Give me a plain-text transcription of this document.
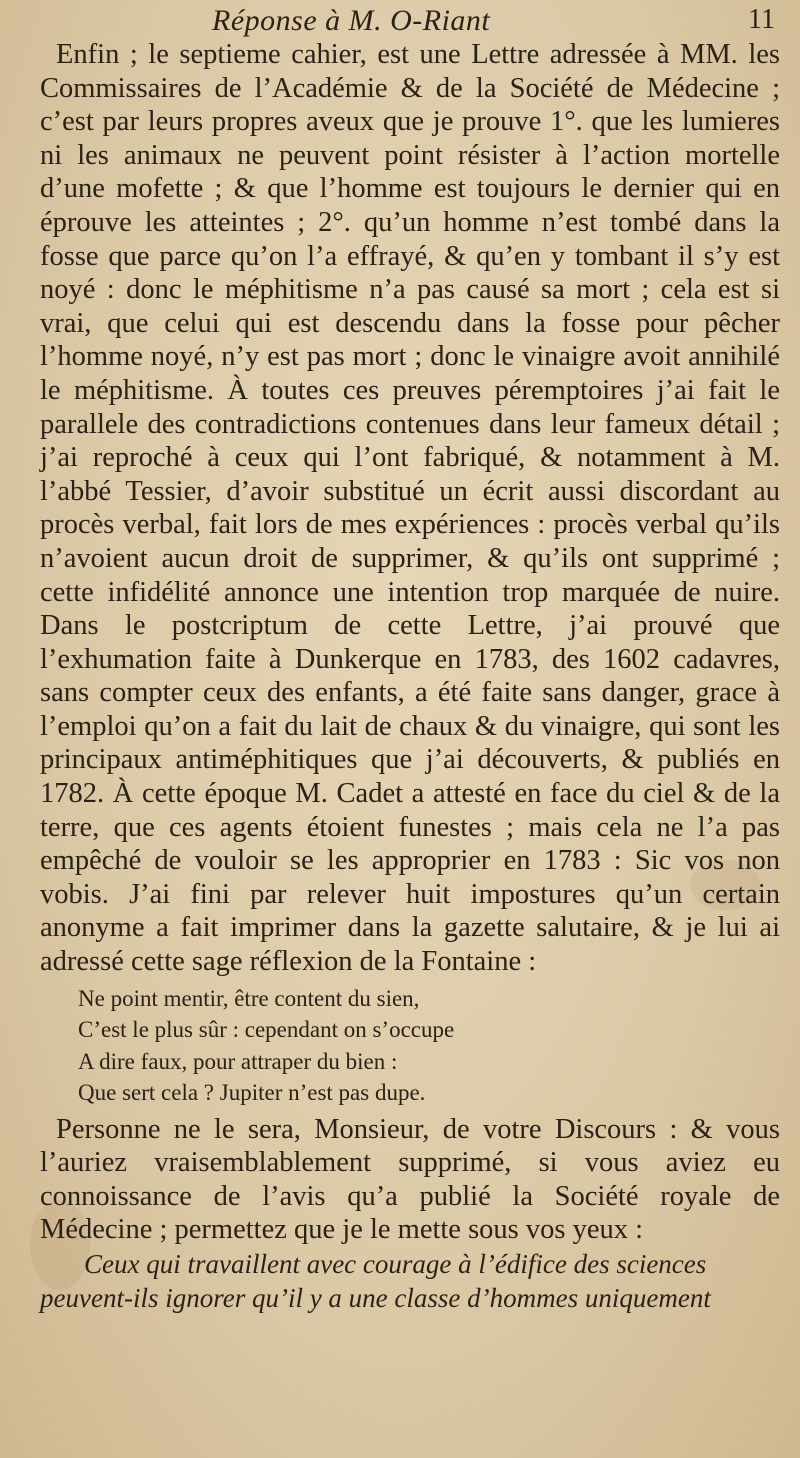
Réponse à M. O-Riant	11

Enfin ; le septieme cahier, est une Lettre adressée à MM. les Commissaires de l’Académie & de la Société de Médecine ; c’est par leurs propres aveux que je prouve 1°. que les lumieres ni les animaux ne peuvent point résister à l’action mortelle d’une mofette ; & que l’homme est toujours le dernier qui en éprouve les atteintes ; 2°. qu’un homme n’est tombé dans la fosse que parce qu’on l’a effrayé, & qu’en y tombant il s’y est noyé : donc le méphitisme n’a pas causé sa mort ; cela est si vrai, que celui qui est descendu dans la fosse pour pêcher l’homme noyé, n’y est pas mort ; donc le vinaigre avoit annihilé le méphitisme. À toutes ces preuves péremptoires j’ai fait le parallele des contradictions contenues dans leur fameux détail ; j’ai reproché à ceux qui l’ont fabriqué, & notamment à M. l’abbé Tessier, d’avoir substitué un écrit aussi discordant au procès verbal, fait lors de mes expériences : procès verbal qu’ils n’avoient aucun droit de supprimer, & qu’ils ont supprimé ; cette infidélité annonce une intention trop marquée de nuire. Dans le postcriptum de cette Lettre, j’ai prouvé que l’exhumation faite à Dunkerque en 1783, des 1602 cadavres, sans compter ceux des enfants, a été faite sans danger, grace à l’emploi qu’on a fait du lait de chaux & du vinaigre, qui sont les principaux antiméphitiques que j’ai découverts, & publiés en 1782. À cette époque M. Cadet a attesté en face du ciel & de la terre, que ces agents étoient funestes ; mais cela ne l’a pas empêché de vouloir se les approprier en 1783 : Sic vos non vobis. J’ai fini par relever huit impostures qu’un certain anonyme a fait imprimer dans la gazette salutaire, & je lui ai adressé cette sage réflexion de la Fontaine :

Ne point mentir, être content du sien,
C’est le plus sûr : cependant on s’occupe
A dire faux, pour attraper du bien :
Que sert cela ? Jupiter n’est pas dupe.

Personne ne le sera, Monsieur, de votre Discours : & vous l’auriez vraisemblablement supprimé, si vous aviez eu connoissance de l’avis qu’a publié la Société royale de Médecine ; permettez que je le mette sous vos yeux :

Ceux qui travaillent avec courage à l’édifice des sciences

peuvent-ils ignorer qu’il y a une classe d’hommes uniquement
